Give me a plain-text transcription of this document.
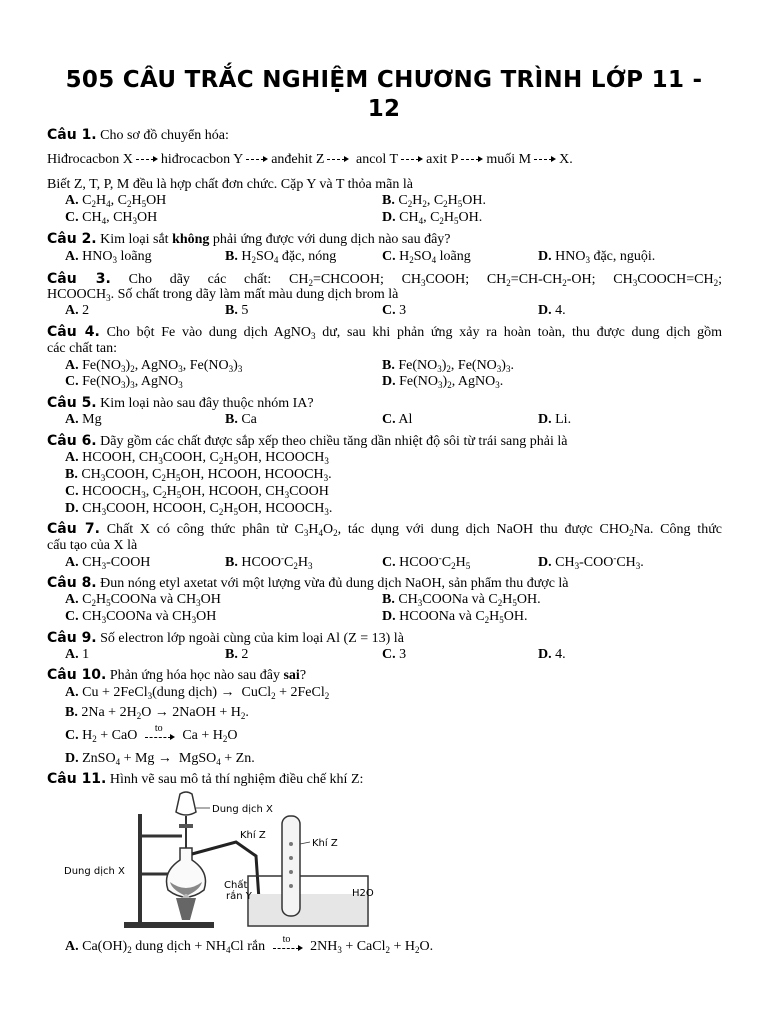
505 CÂU TRẮC NGHIỆM CHƯƠNG TRÌNH LỚP 11 -
12
Câu 1. Cho sơ đồ chuyển hóa:
Hiđrocacbon X hiđrocacbon Y anđehit Z ancol T axit P muối M X.
Biết Z, T, P, M đều là hợp chất đơn chức. Cặp Y và T thỏa mãn là
A. $C_2H_4$, $C_2H_5OH$	B. $C_2H_2$, $C_2H_5OH$.
C. $CH_4$, $CH_3OH$	D. $CH_4$, $C_2H_5OH$.
Câu 2. Kim loại sắt không phải ứng được với dung dịch nào sau đây?
A. $HNO_3$ loãng	B. $H_2SO_4$ đặc, nóng	C. $H_2SO_4$ loãng	D. $HNO_3$ đặc, nguội.
Câu 3. Cho dãy các chất: $CH_2=CHCOOH$; $CH_3COOH$; $CH_2=CH-CH_2-OH$; $CH_3COOCH=CH_2$;
$HCOOCH_3$. Số chất trong dãy làm mất màu dung dịch brom là
A. 2	B. 5	C. 3	D. 4.
Câu 4. Cho bột Fe vào dung dịch AgNO$_3$ dư, sau khi phản ứng xảy ra hoàn toàn, thu được dung dịch gồm
các chất tan:
A. $Fe(NO_3)_2$, AgNO$_3$, $Fe(NO_3)_3$	B. $Fe(NO_3)_2$, $Fe(NO_3)_3$.
C. $Fe(NO_3)_3$, AgNO$_3$	D. $Fe(NO_3)_2$, AgNO$_3$.
Câu 5. Kim loại nào sau đây thuộc nhóm IA?
A. Mg	B. Ca	C. Al	D. Li.
Câu 6. Dãy gồm các chất được sắp xếp theo chiều tăng dần nhiệt độ sôi từ trái sang phải là
A. HCOOH, $CH_3COOH$, $C_2H_5OH$, $HCOOCH_3$
B. $CH_3COOH$, $C_2H_5OH$, HCOOH, $HCOOCH_3$.
C. $HCOOCH_3$, $C_2H_5OH$, HCOOH, $CH_3COOH$
D. $CH_3COOH$, HCOOH, $C_2H_5OH$, $HCOOCH_3$.
Câu 7. Chất X có công thức phân tử $C_3H_4O_2$, tác dụng với dung dịch NaOH thu được $CHO_2Na$. Công thức
cấu tạo của X là
A. $CH_3$-COOH	B. $HCOO^-C_2H_3$	C. $HCOO^-C_2H_5$	D. $CH_3-COO^-CH_3$.
Câu 8. Đun nóng etyl axetat với một lượng vừa đủ dung dịch NaOH, sản phẩm thu được là
A. $C_2H_5COONa$ và $CH_3OH$	B. $CH_3COONa$ và $C_2H_5OH$.
C. $CH_3COONa$ và $CH_3OH$	D. HCOONa và $C_2H_5OH$.
Câu 9. Số electron lớp ngoài cùng của kim loại Al (Z = 13) là
A. 1	B. 2	C. 3	D. 4.
Câu 10. Phản ứng hóa học nào sau đây sai?
A. Cu + 2FeCl$_3$(dung dịch) →  CuCl$_2$ + 2FeCl$_2$
B. $2Na + 2H_2O$ → 2NaOH + $H_2$.
C. $H_2$ + CaO to $Ca + H_2O$
D. ZnSO$_4$ + Mg →  MgSO$_4$ + Zn.
Câu 11. Hình vẽ sau mô tả thí nghiệm điều chế khí Z:
Dung dịch X
Khí Z
Khí Z
Dung dịch X
Chất
rắn Y	H2O
A. $Ca(OH)_2$ dung dịch + $NH_4Cl$ rắn to $2NH_3$ + CaCl$_2$ + $H_2O$.
